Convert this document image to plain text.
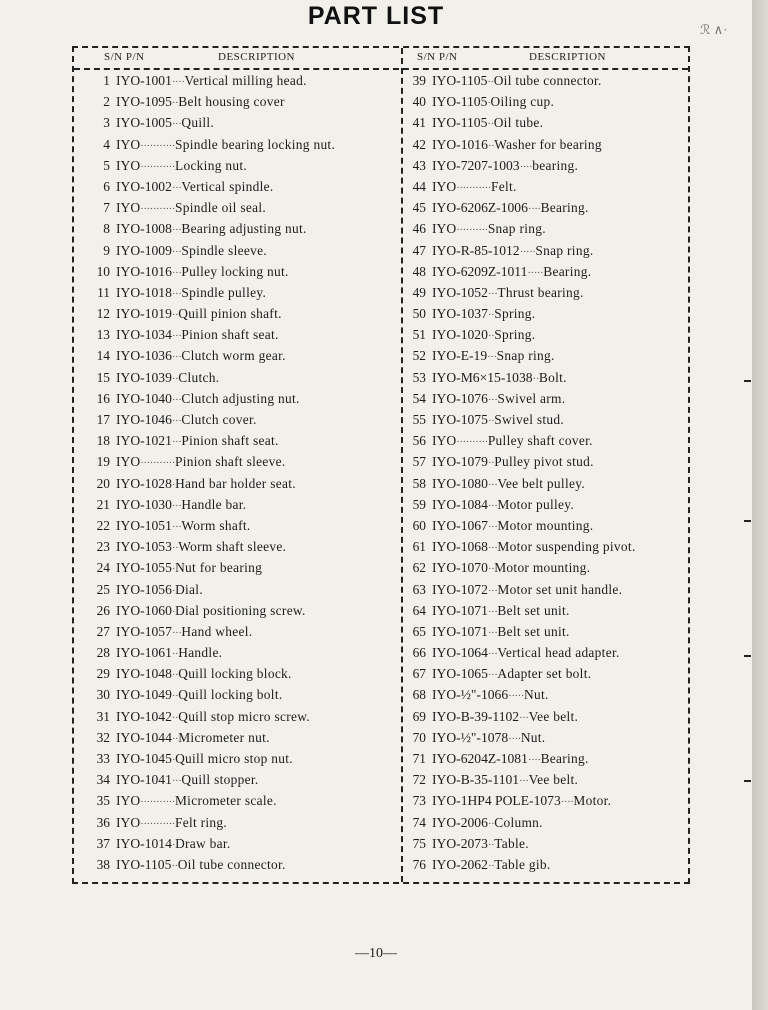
PART LIST	ℛ ∧·
S/N P/N	DESCRIPTION	S/N P/N	DESCRIPTION
1 IYO-1001····Vertical milling head.
2 IYO-1095··Belt housing cover
3 IYO-1005···Quill.
4 IYO···········Spindle bearing locking nut.
5 IYO···········Locking nut.
6 IYO-1002···Vertical spindle.
7 IYO···········Spindle oil seal.
8 IYO-1008···Bearing adjusting nut.
9 IYO-1009···Spindle sleeve.
10 IYO-1016···Pulley locking nut.
11 IYO-1018···Spindle pulley.
12 IYO-1019··Quill pinion shaft.
13 IYO-1034···Pinion shaft seat.
14 IYO-1036···Clutch worm gear.
15 IYO-1039··Clutch.
16 IYO-1040···Clutch adjusting nut.
17 IYO-1046···Clutch cover.
18 IYO-1021···Pinion shaft seat.
19 IYO···········Pinion shaft sleeve.
20 IYO-1028·Hand bar holder seat.
21 IYO-1030···Handle bar.
22 IYO-1051···Worm shaft.
23 IYO-1053··Worm shaft sleeve.
24 IYO-1055·Nut for bearing
25 IYO-1056·Dial.
26 IYO-1060·Dial positioning screw.
27 IYO-1057···Hand wheel.
28 IYO-1061··Handle.
29 IYO-1048··Quill locking block.
30 IYO-1049··Quill locking bolt.
31 IYO-1042··Quill stop micro screw.
32 IYO-1044··Micrometer nut.
33 IYO-1045·Quill micro stop nut.
34 IYO-1041···Quill stopper.
35 IYO···········Micrometer scale.
36 IYO···········Felt ring.
37 IYO-1014·Draw bar.
38 IYO-1105··Oil tube connector.
39 IYO-1105··Oil tube connector.
40 IYO-1105·Oiling cup.
41 IYO-1105··Oil tube.
42 IYO-1016··Washer for bearing
43 IYO-7207-1003····bearing.
44 IYO···········Felt.
45 IYO-6206Z-1006····Bearing.
46 IYO··········Snap ring.
47 IYO-R-85-1012·····Snap ring.
48 IYO-6209Z-1011·····Bearing.
49 IYO-1052···Thrust bearing.
50 IYO-1037··Spring.
51 IYO-1020··Spring.
52 IYO-E-19···Snap ring.
53 IYO-M6×15-1038··Bolt.
54 IYO-1076···Swivel arm.
55 IYO-1075··Swivel stud.
56 IYO··········Pulley shaft cover.
57 IYO-1079··Pulley pivot stud.
58 IYO-1080···Vee belt pulley.
59 IYO-1084···Motor pulley.
60 IYO-1067···Motor mounting.
61 IYO-1068···Motor suspending pivot.
62 IYO-1070··Motor mounting.
63 IYO-1072···Motor set unit handle.
64 IYO-1071···Belt set unit.
65 IYO-1071···Belt set unit.
66 IYO-1064···Vertical head adapter.
67 IYO-1065···Adapter set bolt.
68 IYO-½"-1066·····Nut.
69 IYO-B-39-1102···Vee belt.
70 IYO-½"-1078····Nut.
71 IYO-6204Z-1081····Bearing.
72 IYO-B-35-1101···Vee belt.
73 IYO-1HP4 POLE-1073····Motor.
74 IYO-2006··Column.
75 IYO-2073··Table.
76 IYO-2062··Table gib.
—10—
